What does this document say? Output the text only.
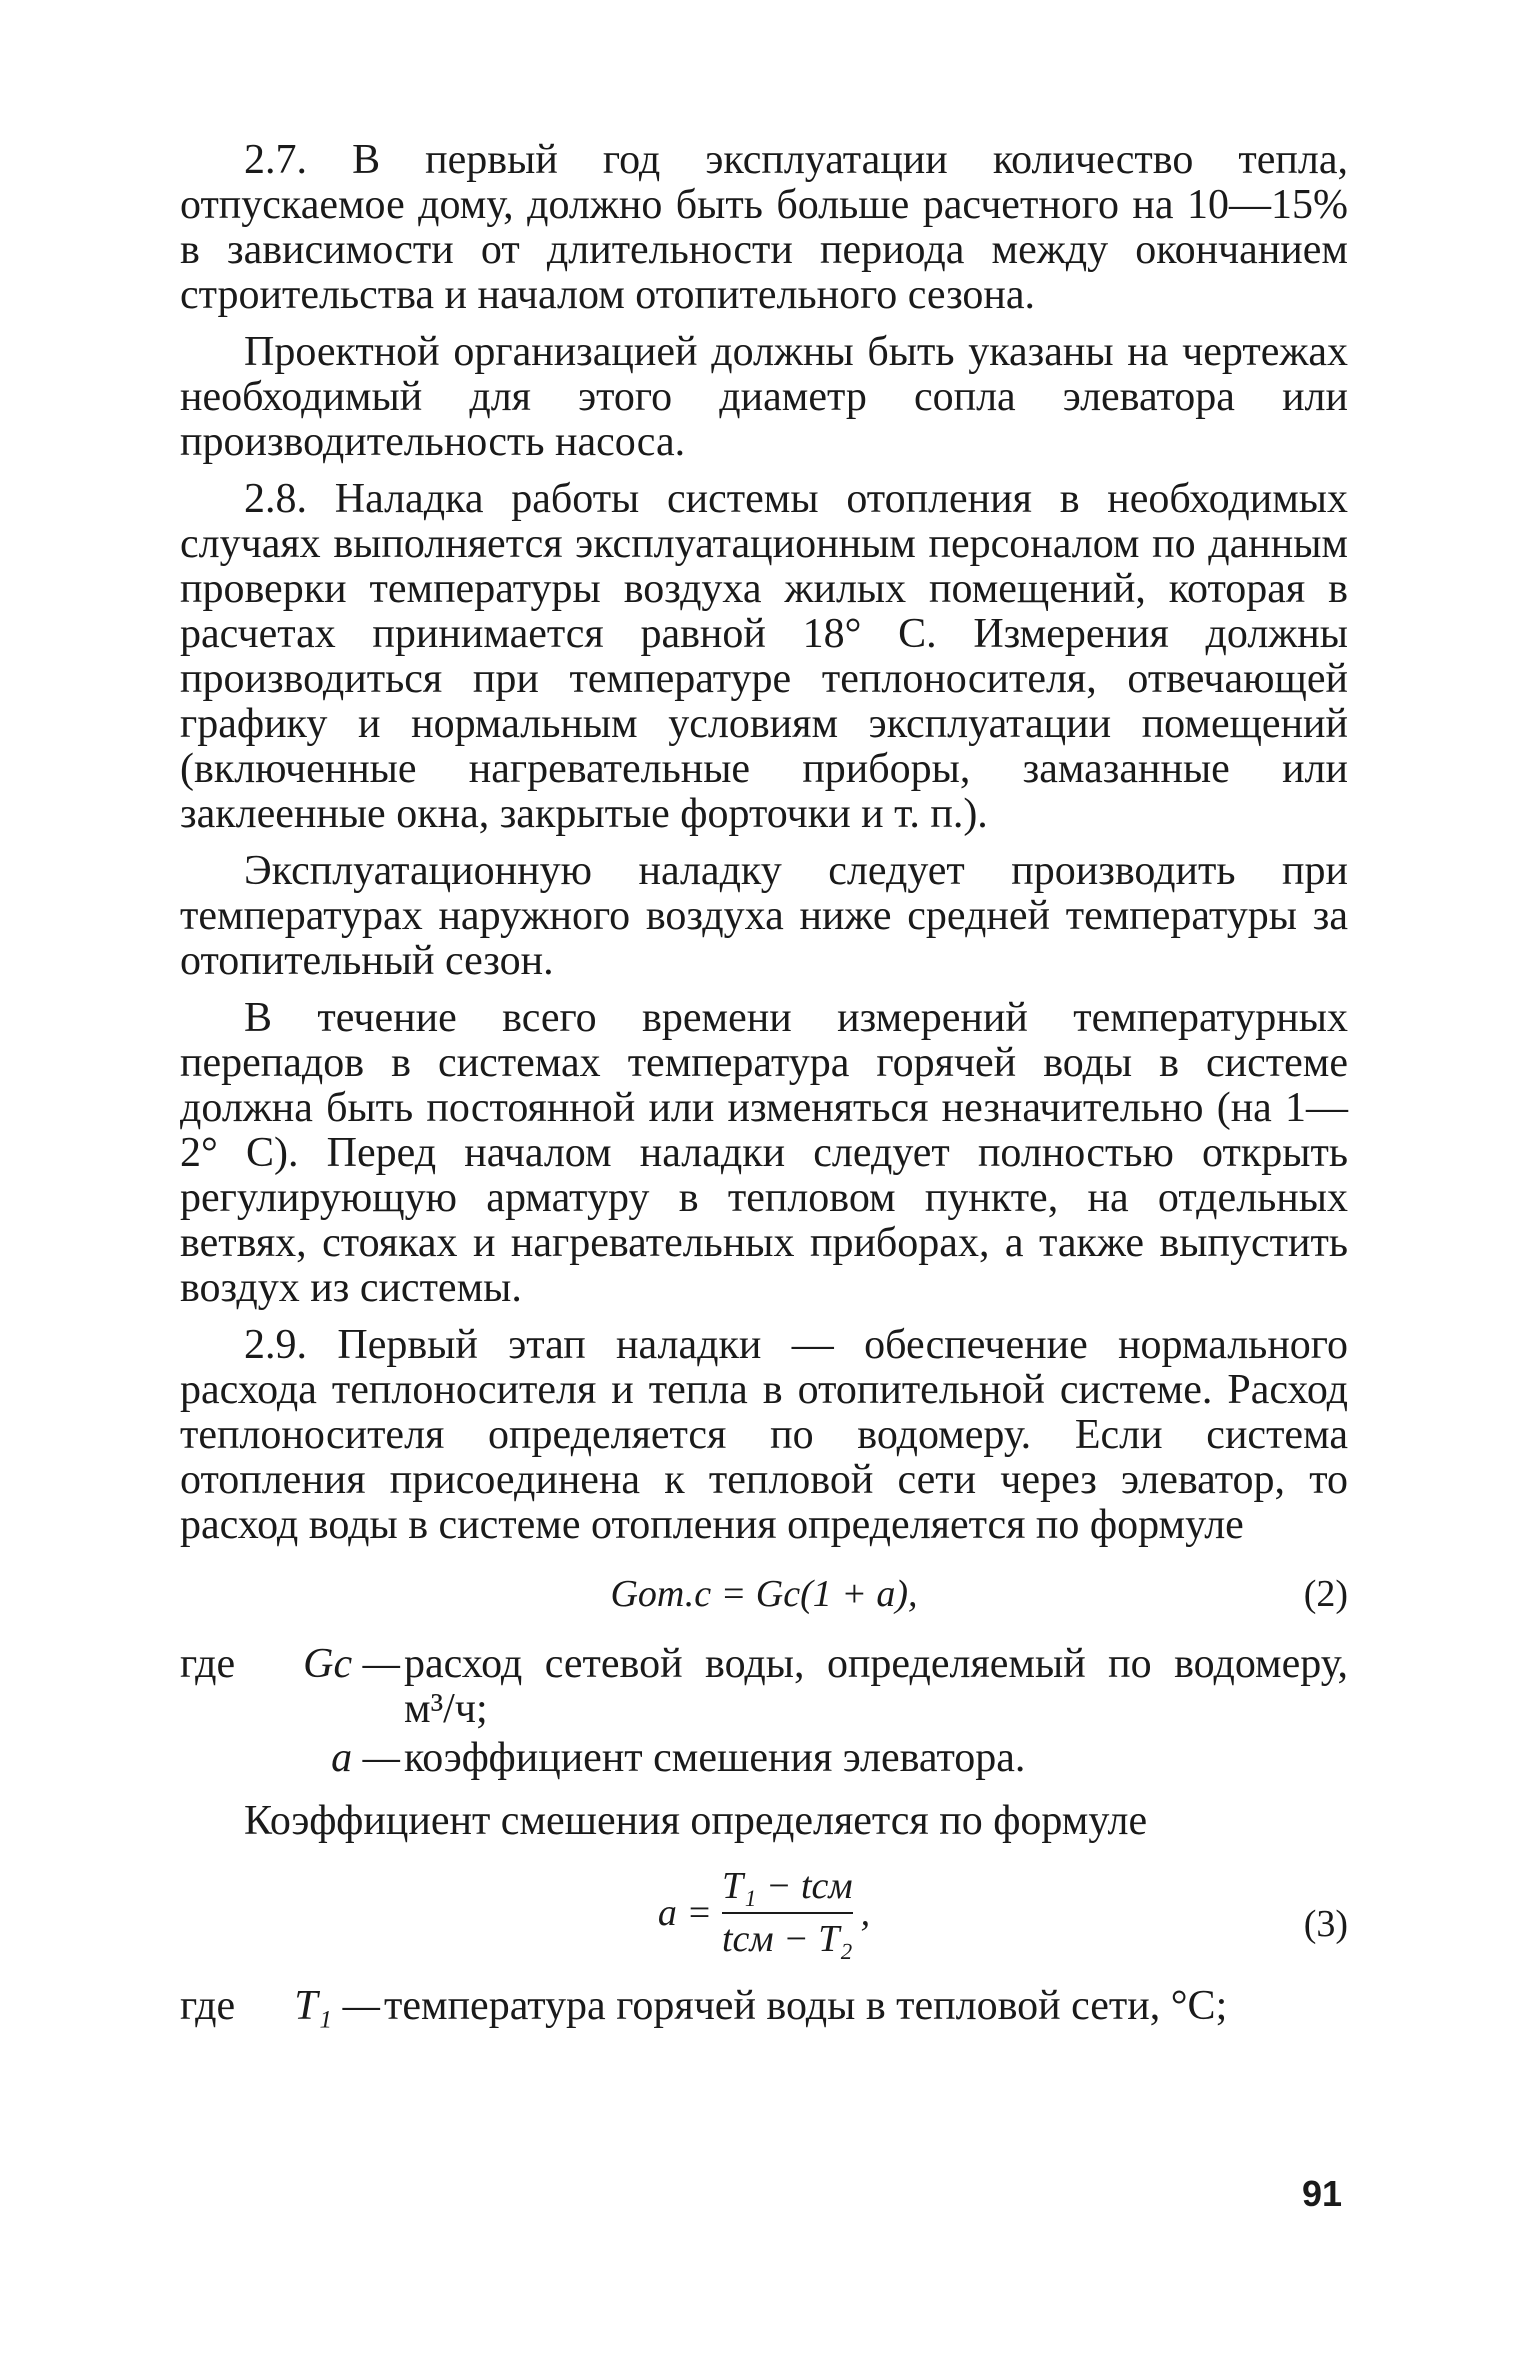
2.7. В первый год эксплуатации количество тепла, отпускаемое дому, должно быть больше расчетного на 10—15% в зависимости от длительности периода между окончанием строительства и началом отопительного сезона.

Проектной организацией должны быть указаны на чертежах необходимый для этого диаметр сопла элеватора или производительность насоса.

2.8. Наладка работы системы отопления в необходимых случаях выполняется эксплуатационным персоналом по данным проверки температуры воздуха жилых помещений, которая в расчетах принимается равной 18° С. Измерения должны производиться при температуре теплоносителя, отвечающей графику и нормальным условиям эксплуатации помещений (включенные нагревательные приборы, замазанные или заклеенные окна, закрытые форточки и т. п.).

Эксплуатационную наладку следует производить при температурах наружного воздуха ниже средней температуры за отопительный сезон.

В течение всего времени измерений температурных перепадов в системах температура горячей воды в системе должна быть постоянной или изменяться незначительно (на 1—2° С). Перед началом наладки следует полностью открыть регулирующую арматуру в тепловом пункте, на отдельных ветвях, стояках и нагревательных приборах, а также выпустить воздух из системы.

2.9. Первый этап наладки — обеспечение нормального расхода теплоносителя и тепла в отопительной системе. Расход теплоносителя определяется по водомеру. Если система отопления присоединена к тепловой сети через элеватор, то расход воды в системе отопления определяется по формуле

Gот.с = Gс(1 + a),	(2)
где	Gс — расход сетевой воды, определяемый по водомеру, м³/ч;
a — коэффициент смешения элеватора.

Коэффициент смешения определяется по формуле

$a = \frac{\text{T₁ − tсм}}{\text{tсм − T₂}}$ ,	(3)
где	T₁ — температура горячей воды в тепловой сети, °С;
91
